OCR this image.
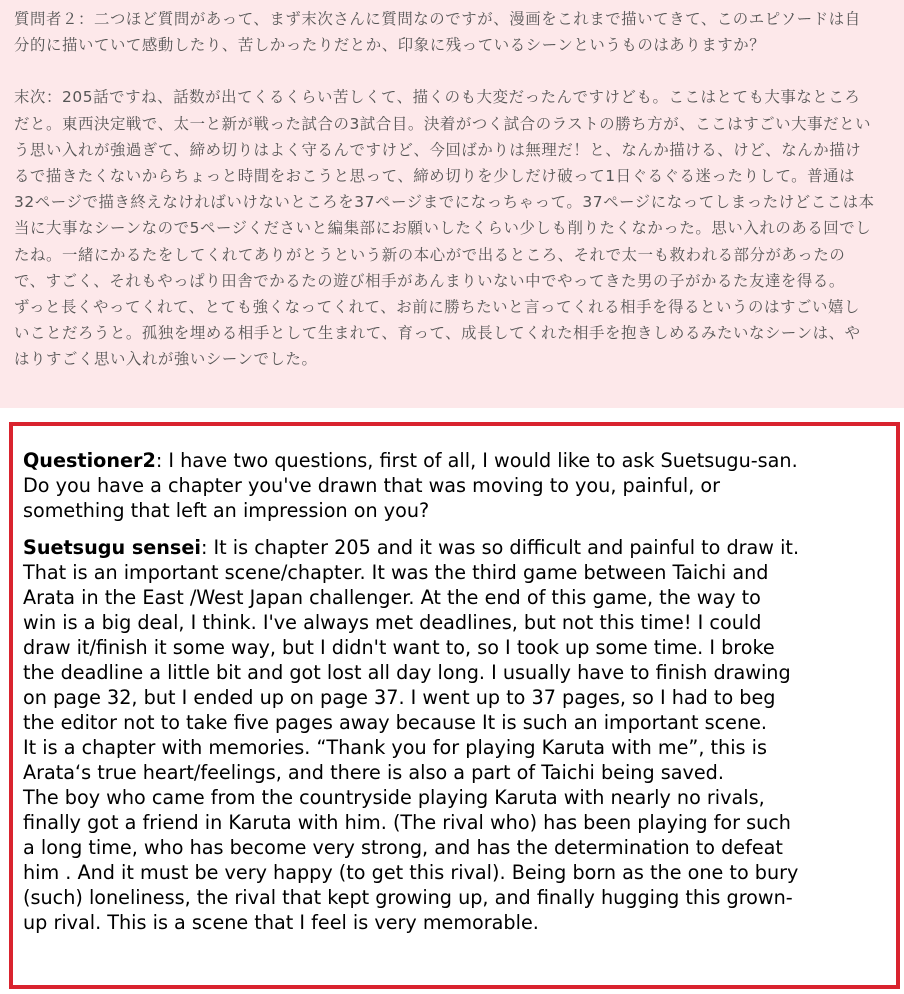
質問者２：二つほど質問があって、まず末次さんに質問なのですが、漫画をこれまで描いてきて、このエピソードは自
分的に描いていて感動したり、苦しかったりだとか、印象に残っているシーンというものはありますか？

末次：205話ですね、話数が出てくるくらい苦しくて、描くのも大変だったんですけども。ここはとても大事なところ
だと。東西決定戦で、太一と新が戦った試合の3試合目。決着がつく試合のラストの勝ち方が、ここはすごい大事だとい
う思い入れが強過ぎて、締め切りはよく守るんですけど、今回ばかりは無理だ！と、なんか描ける、けど、なんか描け
るで描きたくないからちょっと時間をおこうと思って、締め切りを少しだけ破って1日ぐるぐる迷ったりして。普通は
32ページで描き終えなければいけないところを37ページまでになっちゃって。37ページになってしまったけどここは本
当に大事なシーンなので5ページくださいと編集部にお願いしたくらい少しも削りたくなかった。思い入れのある回でし
たね。一緒にかるたをしてくれてありがとうという新の本心がで出るところ、それで太一も救われる部分があったの
で、すごく、それもやっぱり田舎でかるたの遊び相手があんまりいない中でやってきた男の子がかるた友達を得る。
ずっと長くやってくれて、とても強くなってくれて、お前に勝ちたいと言ってくれる相手を得るというのはすごい嬉し
いことだろうと。孤独を埋める相手として生まれて、育って、成長してくれた相手を抱きしめるみたいなシーンは、や
はりすごく思い入れが強いシーンでした。

Questioner2: I have two questions, first of all, I would like to ask Suetsugu-san.
Do you have a chapter you've drawn that was moving to you, painful, or
something that left an impression on you?

Suetsugu sensei: It is chapter 205 and it was so difficult and painful to draw it.
That is an important scene/chapter. It was the third game between Taichi and
Arata in the East /West Japan challenger. At the end of this game, the way to
win is a big deal, I think. I've always met deadlines, but not this time! I could
draw it/finish it some way, but I didn't want to, so I took up some time. I broke
the deadline a little bit and got lost all day long. I usually have to finish drawing
on page 32, but I ended up on page 37. I went up to 37 pages, so I had to beg
the editor not to take five pages away because It is such an important scene.
It is a chapter with memories. “Thank you for playing Karuta with me”, this is
Arata‘s true heart/feelings, and there is also a part of Taichi being saved.
The boy who came from the countryside playing Karuta with nearly no rivals,
finally got a friend in Karuta with him. (The rival who) has been playing for such
a long time, who has become very strong, and has the determination to defeat
him . And it must be very happy (to get this rival). Being born as the one to bury
(such) loneliness, the rival that kept growing up, and finally hugging this grown-
up rival. This is a scene that I feel is very memorable.
